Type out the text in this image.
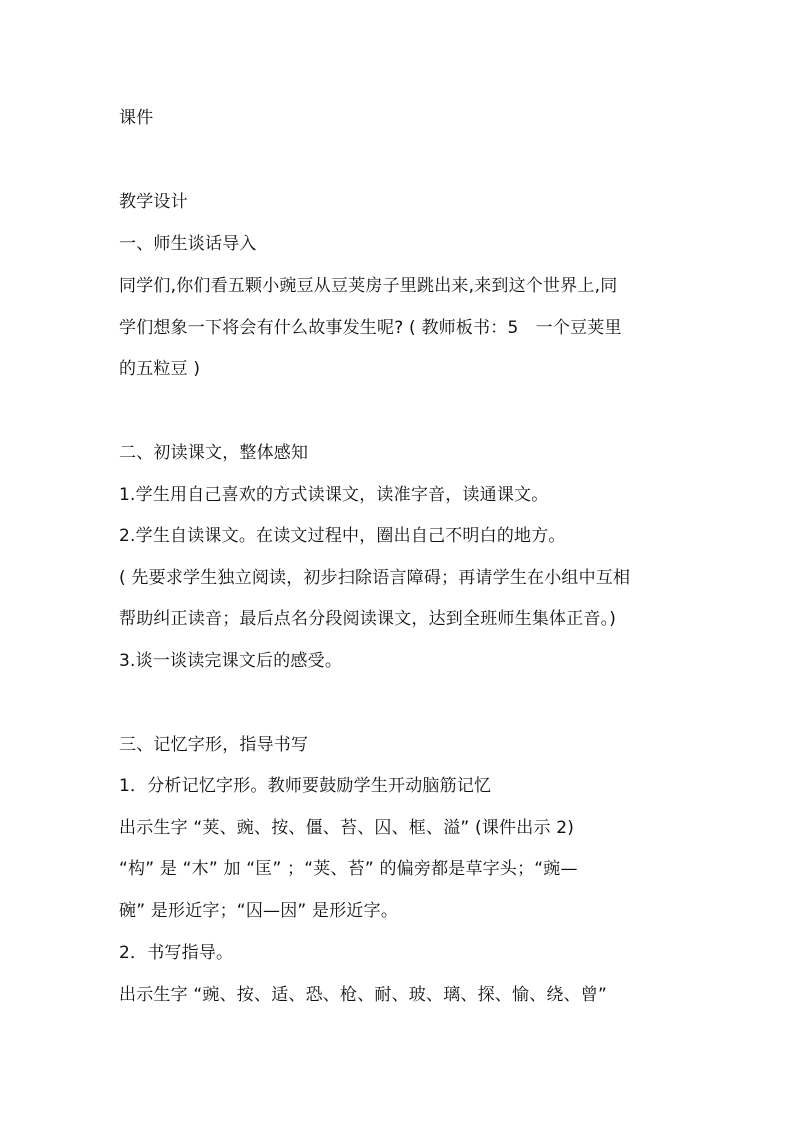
课件
教学设计
一、师生谈话导入
同学们,你们看五颗小豌豆从豆荚房子里跳出来,来到这个世界上,同
学们想象一下将会有什么故事发生呢? ( 教师板书：5　一个豆荚里
的五粒豆 )
二、初读课文，整体感知
1.学生用自己喜欢的方式读课文，读准字音，读通课文。
2.学生自读课文。在读文过程中，圈出自己不明白的地方。
( 先要求学生独立阅读，初步扫除语言障碍；再请学生在小组中互相
帮助纠正读音；最后点名分段阅读课文，达到全班师生集体正音。)
3.谈一谈读完课文后的感受。
三、记忆字形，指导书写
1．分析记忆字形。教师要鼓励学生开动脑筋记忆
出示生字 “荚、豌、按、僵、苔、囚、框、溢” (课件出示 2)
“构” 是 “木” 加 “匡” ；“荚、苔” 的偏旁都是草字头；“豌—
碗” 是形近字；“囚—因” 是形近字。
2．书写指导。
出示生字 “豌、按、适、恐、枪、耐、玻、璃、探、愉、绕、曾”
